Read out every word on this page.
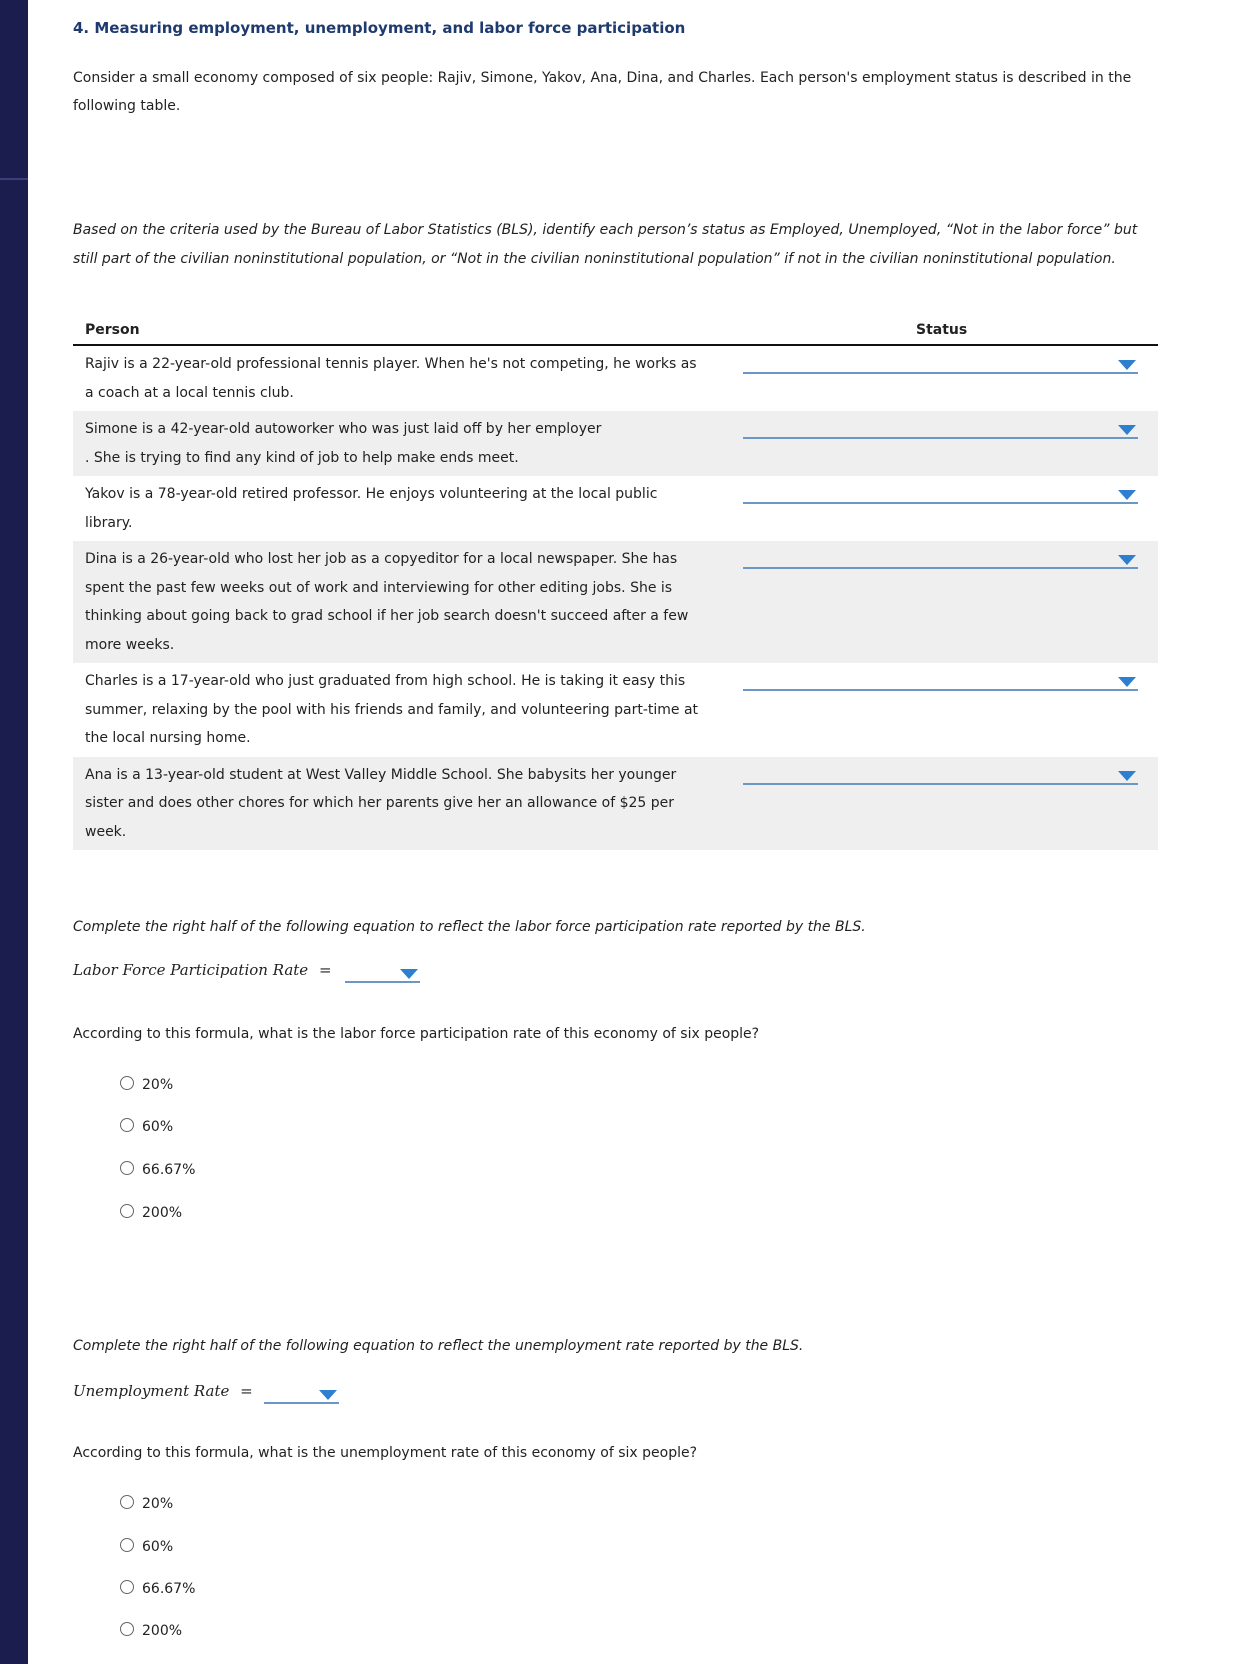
4. Measuring employment, unemployment, and labor force participation
Consider a small economy composed of six people: Rajiv, Simone, Yakov, Ana, Dina, and Charles. Each person's employment status is described in the following table.
Based on the criteria used by the Bureau of Labor Statistics (BLS), identify each person’s status as Employed, Unemployed, “Not in the labor force” but still part of the civilian noninstitutional population, or “Not in the civilian noninstitutional population” if not in the civilian noninstitutional population.
Person	Status
Rajiv is a 22-year-old professional tennis player. When he's not competing, he works as
a coach at a local tennis club.
Simone is a 42-year-old autoworker who was just laid off by her employer
. She is trying to find any kind of job to help make ends meet.
Yakov is a 78-year-old retired professor. He enjoys volunteering at the local public
library.
Dina is a 26-year-old who lost her job as a copyeditor for a local newspaper. She has
spent the past few weeks out of work and interviewing for other editing jobs. She is
thinking about going back to grad school if her job search doesn't succeed after a few
more weeks.
Charles is a 17-year-old who just graduated from high school. He is taking it easy this
summer, relaxing by the pool with his friends and family, and volunteering part-time at
the local nursing home.
Ana is a 13-year-old student at West Valley Middle School. She babysits her younger
sister and does other chores for which her parents give her an allowance of $25 per
week.
Complete the right half of the following equation to reflect the labor force participation rate reported by the BLS.
Labor Force Participation Rate =
According to this formula, what is the labor force participation rate of this economy of six people?
20%
60%
66.67%
200%
Complete the right half of the following equation to reflect the unemployment rate reported by the BLS.
Unemployment Rate =
According to this formula, what is the unemployment rate of this economy of six people?
20%
60%
66.67%
200%
